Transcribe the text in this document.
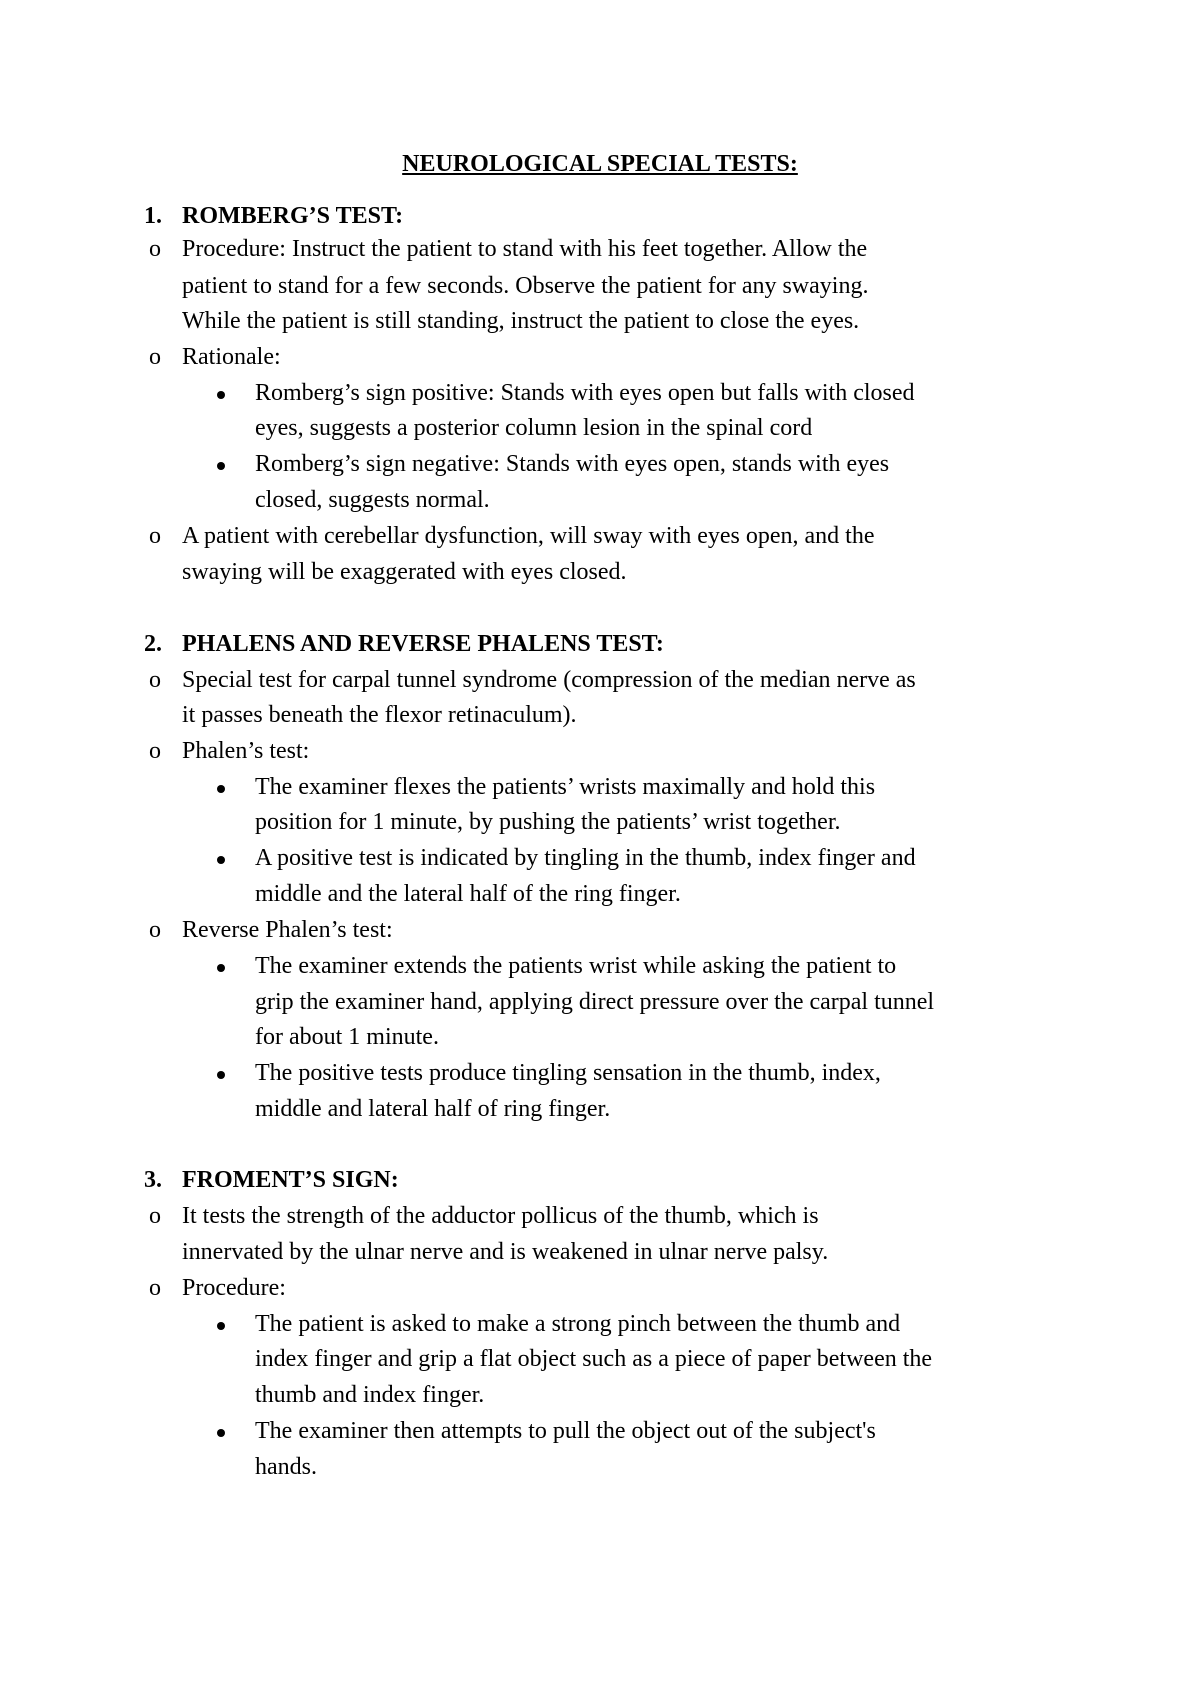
NEUROLOGICAL SPECIAL TESTS:
1. ROMBERG’S TEST:
o Procedure: Instruct the patient to stand with his feet together. Allow the
patient to stand for a few seconds. Observe the patient for any swaying.
While the patient is still standing, instruct the patient to close the eyes.
o Rationale:
Romberg’s sign positive: Stands with eyes open but falls with closed
eyes, suggests a posterior column lesion in the spinal cord
Romberg’s sign negative: Stands with eyes open, stands with eyes
closed, suggests normal.
o A patient with cerebellar dysfunction, will sway with eyes open, and the
swaying will be exaggerated with eyes closed.
2. PHALENS AND REVERSE PHALENS TEST:
o Special test for carpal tunnel syndrome (compression of the median nerve as
it passes beneath the flexor retinaculum).
o Phalen’s test:
The examiner flexes the patients’ wrists maximally and hold this
position for 1 minute, by pushing the patients’ wrist together.
A positive test is indicated by tingling in the thumb, index finger and
middle and the lateral half of the ring finger.
o Reverse Phalen’s test:
The examiner extends the patients wrist while asking the patient to
grip the examiner hand, applying direct pressure over the carpal tunnel
for about 1 minute.
The positive tests produce tingling sensation in the thumb, index,
middle and lateral half of ring finger.
3. FROMENT’S SIGN:
o It tests the strength of the adductor pollicus of the thumb, which is
innervated by the ulnar nerve and is weakened in ulnar nerve palsy.
o Procedure:
The patient is asked to make a strong pinch between the thumb and
index finger and grip a flat object such as a piece of paper between the
thumb and index finger.
The examiner then attempts to pull the object out of the subject's
hands.
